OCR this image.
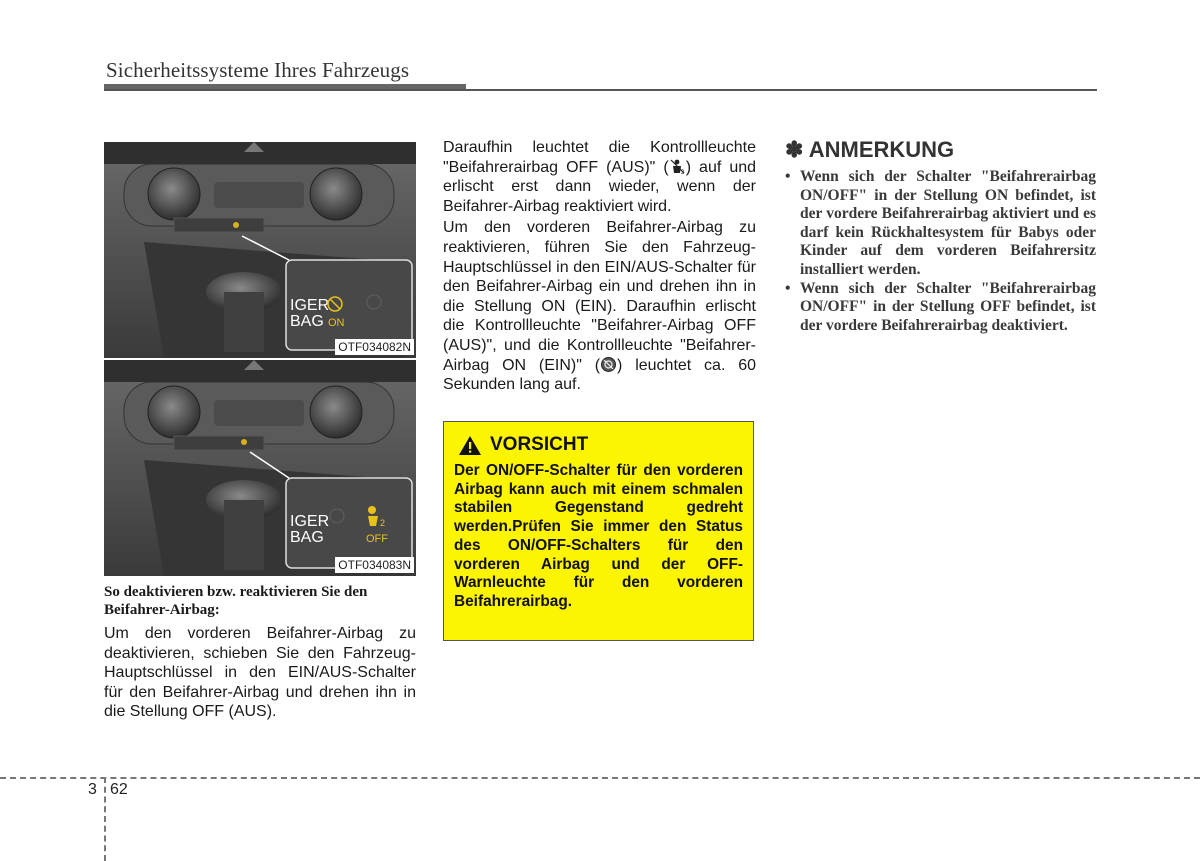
Sicherheitssysteme Ihres Fahrzeugs
IGER
BAG ON
OTF034082N
IGER
BAG
2
OFF
OTF034083N
So deaktivieren bzw. reaktivieren Sie den Beifahrer-Airbag:
Um den vorderen Beifahrer-Airbag zu deaktivieren, schieben Sie den Fahrzeug-Hauptschlüssel in den EIN/AUS-Schalter für den Beifahrer-Airbag und drehen ihn in die Stellung OFF (AUS).

Daraufhin leuchtet die Kontrollleuchte "Beifahrerairbag OFF (AUS)" ( 2 ) auf und erlischt erst dann wieder, wenn der Beifahrer-Airbag reaktiviert wird.

Um den vorderen Beifahrer-Airbag zu reaktivieren, führen Sie den Fahrzeug-Hauptschlüssel in den EIN/AUS-Schalter für den Beifahrer-Airbag ein und drehen ihn in die Stellung ON (EIN). Daraufhin erlischt die Kontrollleuchte "Beifahrer-Airbag OFF (AUS)", und die Kontrollleuchte "Beifahrer-Airbag ON (EIN)" ( ) leuchtet ca. 60 Sekunden lang auf.

VORSICHT
Der ON/OFF-Schalter für den vorderen Airbag kann auch mit einem schmalen stabilen Gegenstand gedreht werden.Prüfen Sie immer den Status des ON/OFF-Schalters für den vorderen Airbag und der OFF-Warnleuchte für den vorderen Beifahrerairbag.
✽ ANMERKUNG
• Wenn sich der Schalter "Beifahrerairbag ON/OFF" in der Stellung ON befindet, ist der vordere Beifahrerairbag aktiviert und es darf kein Rückhaltesystem für Babys oder Kinder auf dem vorderen Beifahrersitz installiert werden.
• Wenn sich der Schalter "Beifahrerairbag ON/OFF" in der Stellung OFF befindet, ist der vordere Beifahrerairbag deaktiviert.
3 62
